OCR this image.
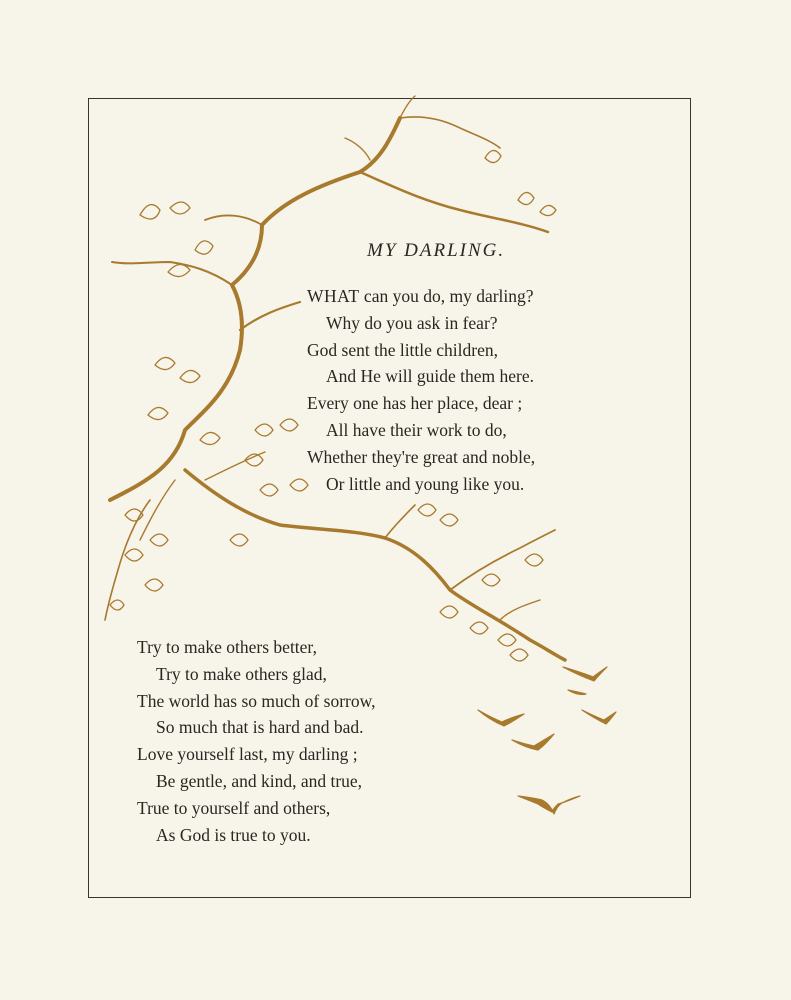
MY DARLING.
WHAT can you do, my darling?
Why do you ask in fear?
God sent the little children,
And He will guide them here.
Every one has her place, dear ;
All have their work to do,
Whether they're great and noble,
Or little and young like you.
Try to make others better,
Try to make others glad,
The world has so much of sorrow,
So much that is hard and bad.
Love yourself last, my darling ;
Be gentle, and kind, and true,
True to yourself and others,
As God is true to you.
